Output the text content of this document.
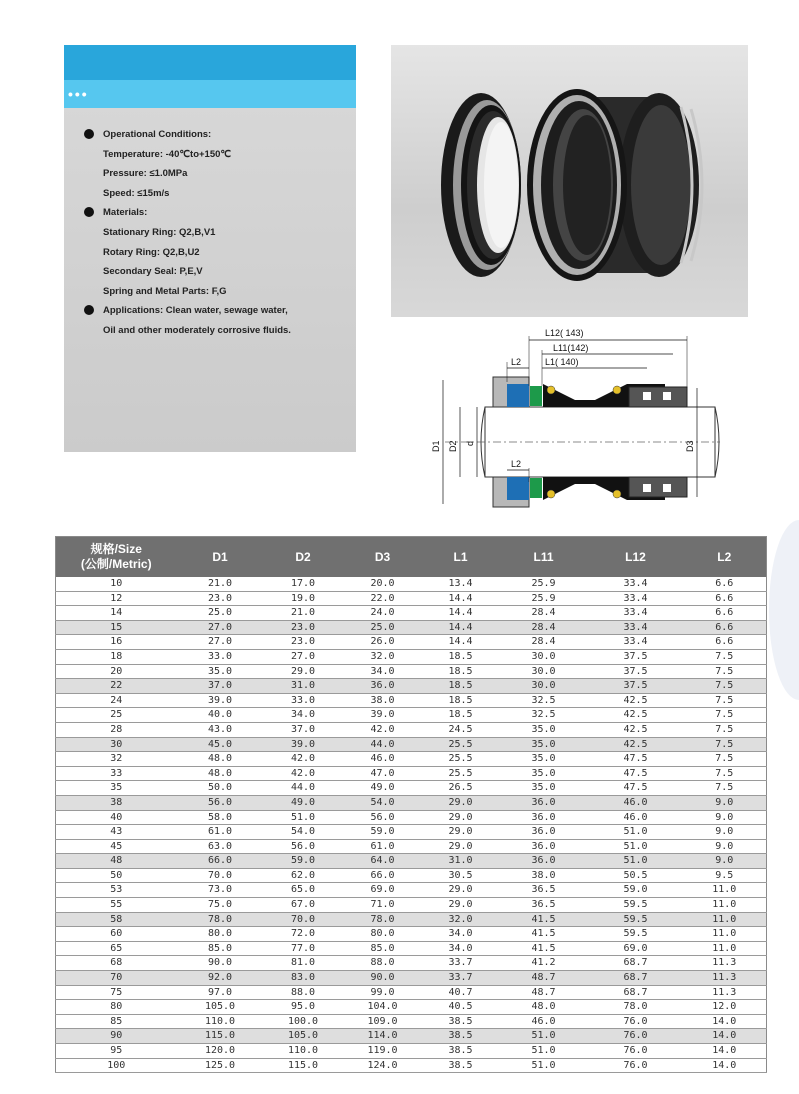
•••
Operational Conditions:
Temperature: -40℃to+150℃
Pressure: ≤1.0MPa
Speed: ≤15m/s
Materials:
Stationary Ring: Q2,B,V1
Rotary Ring: Q2,B,U2
Secondary Seal: P,E,V
Spring and Metal Parts: F,G
Applications: Clean water, sewage water,
Oil and other moderately corrosive fluids.	L12( 143)
L11(142)
L1( 140)
L2
L2
D1 D2 d	D3
规格/Size
(公制/Metric)	D1	D2	D3	L1	L11	L12	L2
10	21.0	17.0	20.0	13.4	25.9	33.4	6.6
12	23.0	19.0	22.0	14.4	25.9	33.4	6.6
14	25.0	21.0	24.0	14.4	28.4	33.4	6.6
15	27.0	23.0	25.0	14.4	28.4	33.4	6.6
16	27.0	23.0	26.0	14.4	28.4	33.4	6.6
18	33.0	27.0	32.0	18.5	30.0	37.5	7.5
20	35.0	29.0	34.0	18.5	30.0	37.5	7.5
22	37.0	31.0	36.0	18.5	30.0	37.5	7.5
24	39.0	33.0	38.0	18.5	32.5	42.5	7.5
25	40.0	34.0	39.0	18.5	32.5	42.5	7.5
28	43.0	37.0	42.0	24.5	35.0	42.5	7.5
30	45.0	39.0	44.0	25.5	35.0	42.5	7.5
32	48.0	42.0	46.0	25.5	35.0	47.5	7.5
33	48.0	42.0	47.0	25.5	35.0	47.5	7.5
35	50.0	44.0	49.0	26.5	35.0	47.5	7.5
38	56.0	49.0	54.0	29.0	36.0	46.0	9.0
40	58.0	51.0	56.0	29.0	36.0	46.0	9.0
43	61.0	54.0	59.0	29.0	36.0	51.0	9.0
45	63.0	56.0	61.0	29.0	36.0	51.0	9.0
48	66.0	59.0	64.0	31.0	36.0	51.0	9.0
50	70.0	62.0	66.0	30.5	38.0	50.5	9.5
53	73.0	65.0	69.0	29.0	36.5	59.0	11.0
55	75.0	67.0	71.0	29.0	36.5	59.5	11.0
58	78.0	70.0	78.0	32.0	41.5	59.5	11.0
60	80.0	72.0	80.0	34.0	41.5	59.5	11.0
65	85.0	77.0	85.0	34.0	41.5	69.0	11.0
68	90.0	81.0	88.0	33.7	41.2	68.7	11.3
70	92.0	83.0	90.0	33.7	48.7	68.7	11.3
75	97.0	88.0	99.0	40.7	48.7	68.7	11.3
80	105.0	95.0	104.0	40.5	48.0	78.0	12.0
85	110.0	100.0	109.0	38.5	46.0	76.0	14.0
90	115.0	105.0	114.0	38.5	51.0	76.0	14.0
95	120.0	110.0	119.0	38.5	51.0	76.0	14.0
100	125.0	115.0	124.0	38.5	51.0	76.0	14.0
